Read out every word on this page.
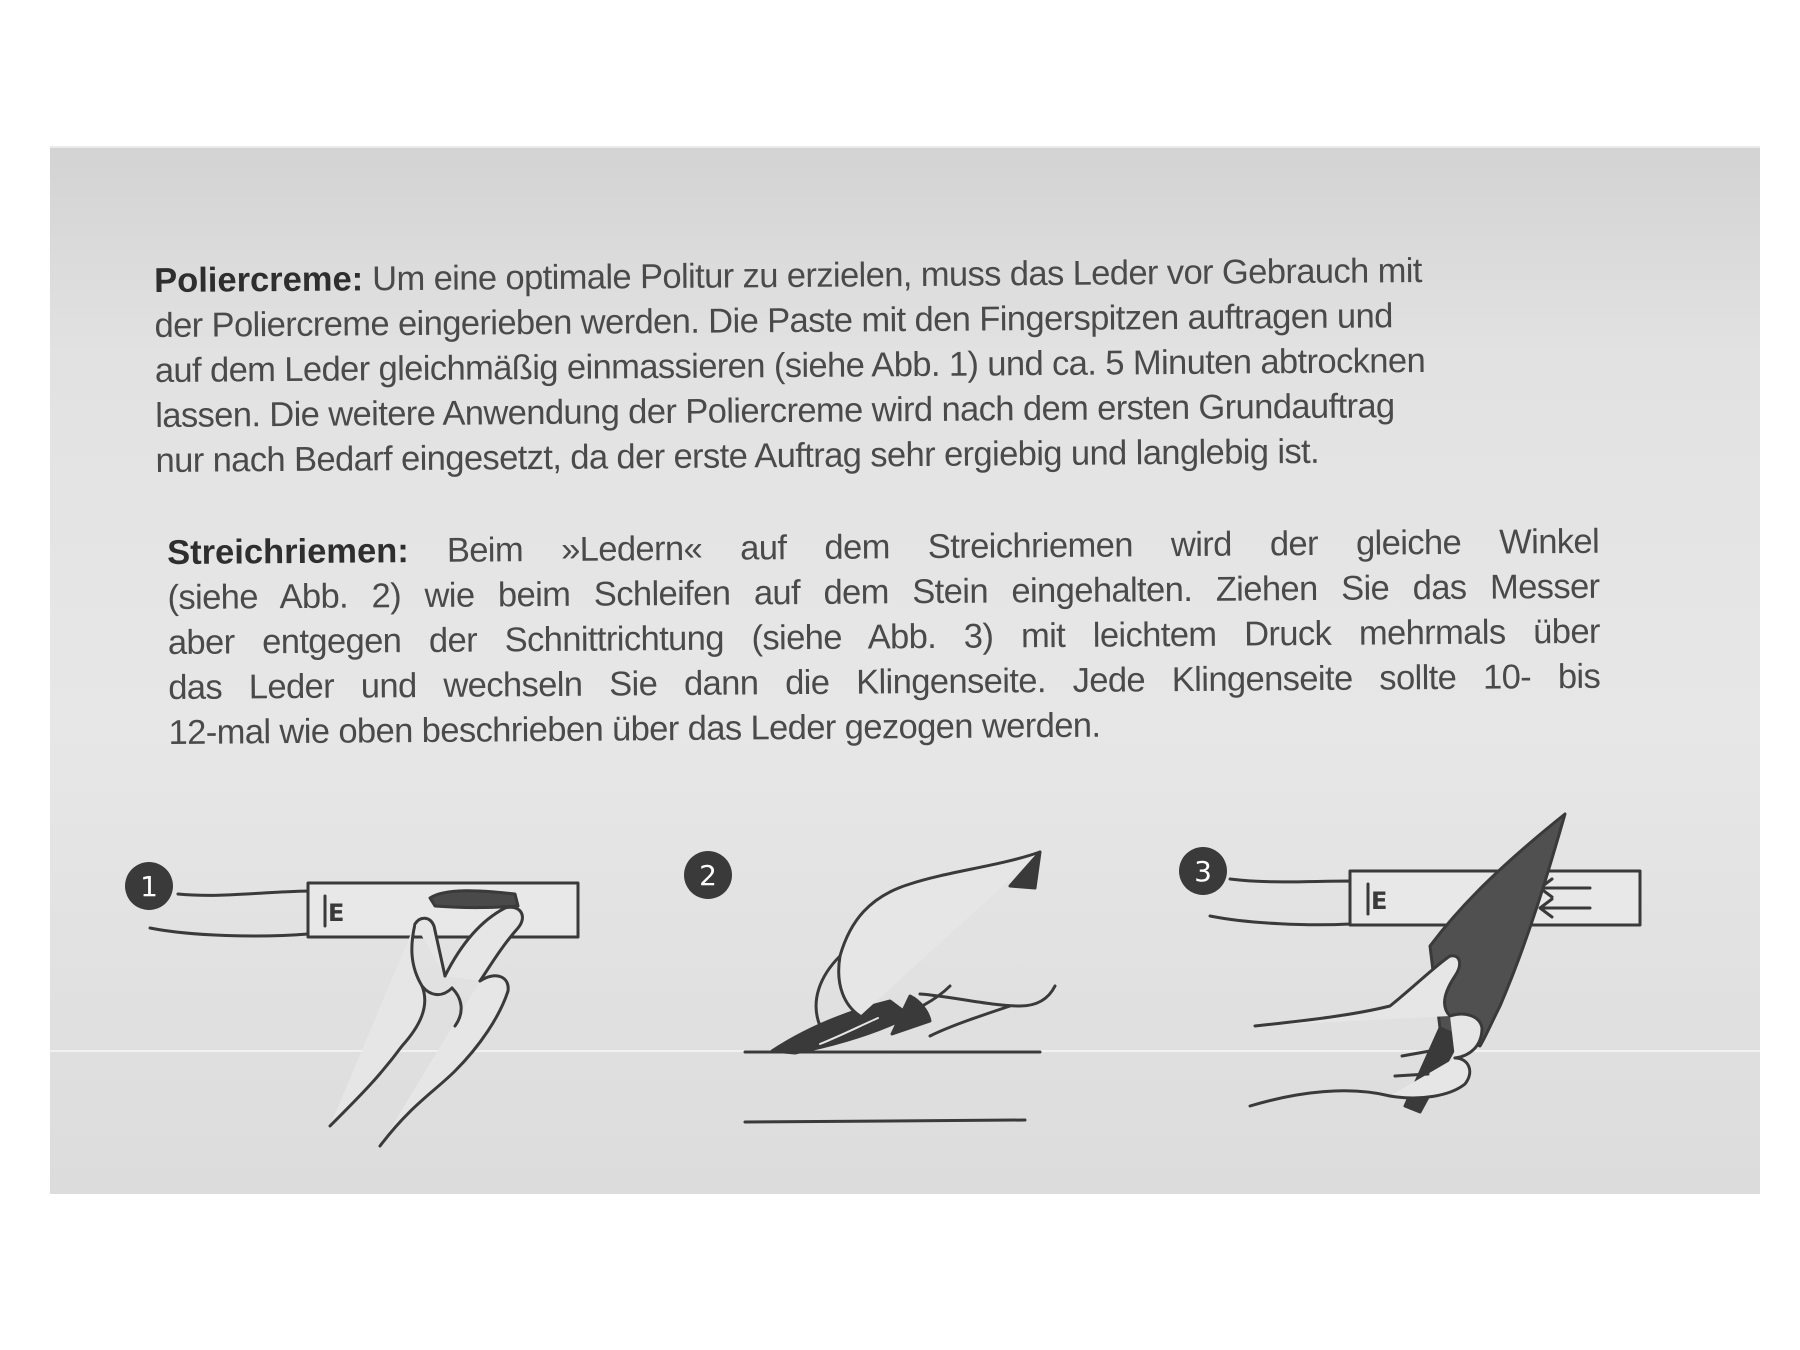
Poliercreme: Um eine optimale Politur zu erzielen, muss das Leder vor Gebrauch mit
der Poliercreme eingerieben werden. Die Paste mit den Fingerspitzen auftragen und
auf dem Leder gleichmäßig einmassieren (siehe Abb. 1) und ca. 5 Minuten abtrocknen
lassen. Die weitere Anwendung der Poliercreme wird nach dem ersten Grundauftrag
nur nach Bedarf eingesetzt, da der erste Auftrag sehr ergiebig und langlebig ist.

Streichriemen: Beim »Ledern« auf dem Streichriemen wird der gleiche Winkel
(siehe Abb. 2) wie beim Schleifen auf dem Stein eingehalten. Ziehen Sie das Messer
aber entgegen der Schnittrichtung (siehe Abb. 3) mit leichtem Druck mehrmals über
das Leder und wechseln Sie dann die Klingenseite. Jede Klingenseite sollte 10- bis
12-mal wie oben beschrieben über das Leder gezogen werden.

1
E
2	3
E
